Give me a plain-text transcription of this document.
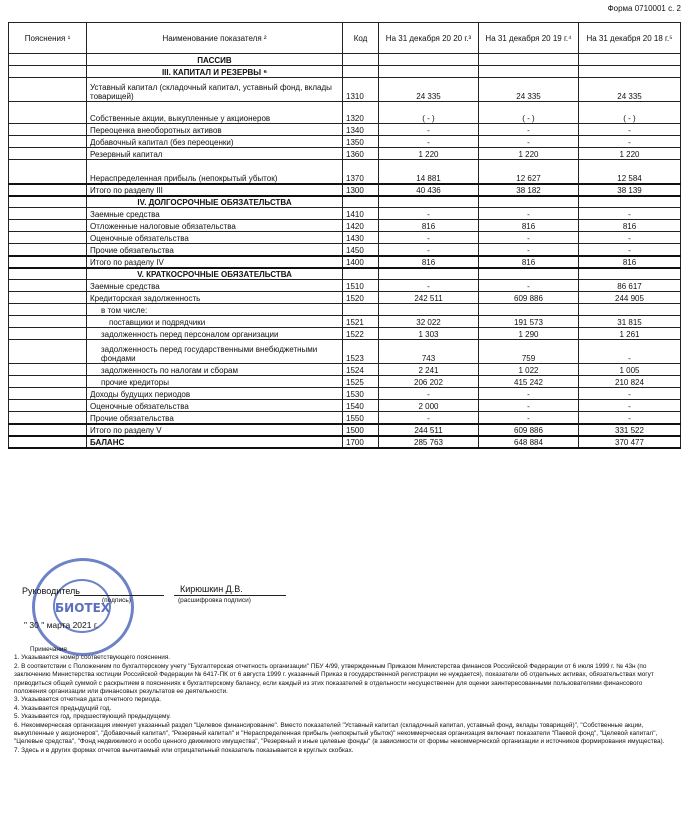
Форма 0710001 с. 2
Пояснения ¹	Наименование показателя ²	Код	На 31 декабря 20 20 г.³	На 31 декабря 20 19 г.⁴	На 31 декабря 20 18 г.⁵
	ПАССИВ				
	III. КАПИТАЛ И РЕЗЕРВЫ ⁶				
	Уставный капитал (складочный капитал, уставный фонд, вклады товарищей)	1310	24 335	24 335	24 335
	Собственные акции, выкупленные у акционеров	1320	( - )	( - )	( - )
	Переоценка внеоборотных активов	1340	-	-	-
	Добавочный капитал (без переоценки)	1350	-	-	-
	Резервный капитал	1360	1 220	1 220	1 220
	Нераспределенная прибыль (непокрытый убыток)	1370	14 881	12 627	12 584
	Итого по разделу III	1300	40 436	38 182	38 139
	IV. ДОЛГОСРОЧНЫЕ ОБЯЗАТЕЛЬСТВА				
	Заемные средства	1410	-	-	-
	Отложенные налоговые обязательства	1420	816	816	816
	Оценочные обязательства	1430	-	-	-
	Прочие обязательства	1450	-	-	-
	Итого по разделу IV	1400	816	816	816
	V. КРАТКОСРОЧНЫЕ ОБЯЗАТЕЛЬСТВА				
	Заемные средства	1510	-	-	86 617
	Кредиторская задолженность	1520	242 511	609 886	244 905
	в том числе:				
	поставщики и подрядчики	1521	32 022	191 573	31 815
	задолженность перед персоналом организации	1522	1 303	1 290	1 261
	задолженность перед государственными внебюджетными фондами	1523	743	759	-
	задолженность по налогам и сборам	1524	2 241	1 022	1 005
	прочие кредиторы	1525	206 202	415 242	210 824
	Доходы будущих периодов	1530	-	-	-
	Оценочные обязательства	1540	2 000	-	-
	Прочие обязательства	1550	-	-	-
	Итого по разделу V	1500	244 511	609 886	331 522
	БАЛАНС	1700	285 763	648 884	370 477
БИОТЕХ
Руководитель
(подпись)
Кирюшкин Д.В.
(расшифровка подписи)
" 30 " марта 2021 г.
Примечания
1. Указывается номер соответствующего пояснения.
2. В соответствии с Положением по бухгалтерскому учету "Бухгалтерская отчетность организации" ПБУ 4/99, утвержденным Приказом Министерства финансов Российской Федерации от 6 июля 1999 г. № 43н (по заключению Министерства юстиции Российской Федерации № 6417-ПК от 6 августа 1999 г. указанный Приказ в государственной регистрации не нуждается), показатели об отдельных активах, обязательствах могут приводиться общей суммой с раскрытием в пояснениях к бухгалтерскому балансу, если каждый из этих показателей в отдельности несущественен для оценки заинтересованными пользователями финансового положения организации или финансовых результатов ее деятельности.
3. Указывается отчетная дата отчетного периода.
4. Указывается предыдущий год.
5. Указывается год, предшествующий предыдущему.
6. Некоммерческая организация именует указанный раздел "Целевое финансирование". Вместо показателей "Уставный капитал (складочный капитал, уставный фонд, вклады товарищей)", "Собственные акции, выкупленные у акционеров", "Добавочный капитал", "Резервный капитал" и "Нераспределенная прибыль (непокрытый убыток)" некоммерческая организация включает показатели "Паевой фонд", "Целевой капитал", "Целевые средства", "Фонд недвижимого и особо ценного движимого имущества", "Резервный и иные целевые фонды" (в зависимости от формы некоммерческой организации и источников формирования имущества).
7. Здесь и в других формах отчетов вычитаемый или отрицательный показатель показывается в круглых скобках.
